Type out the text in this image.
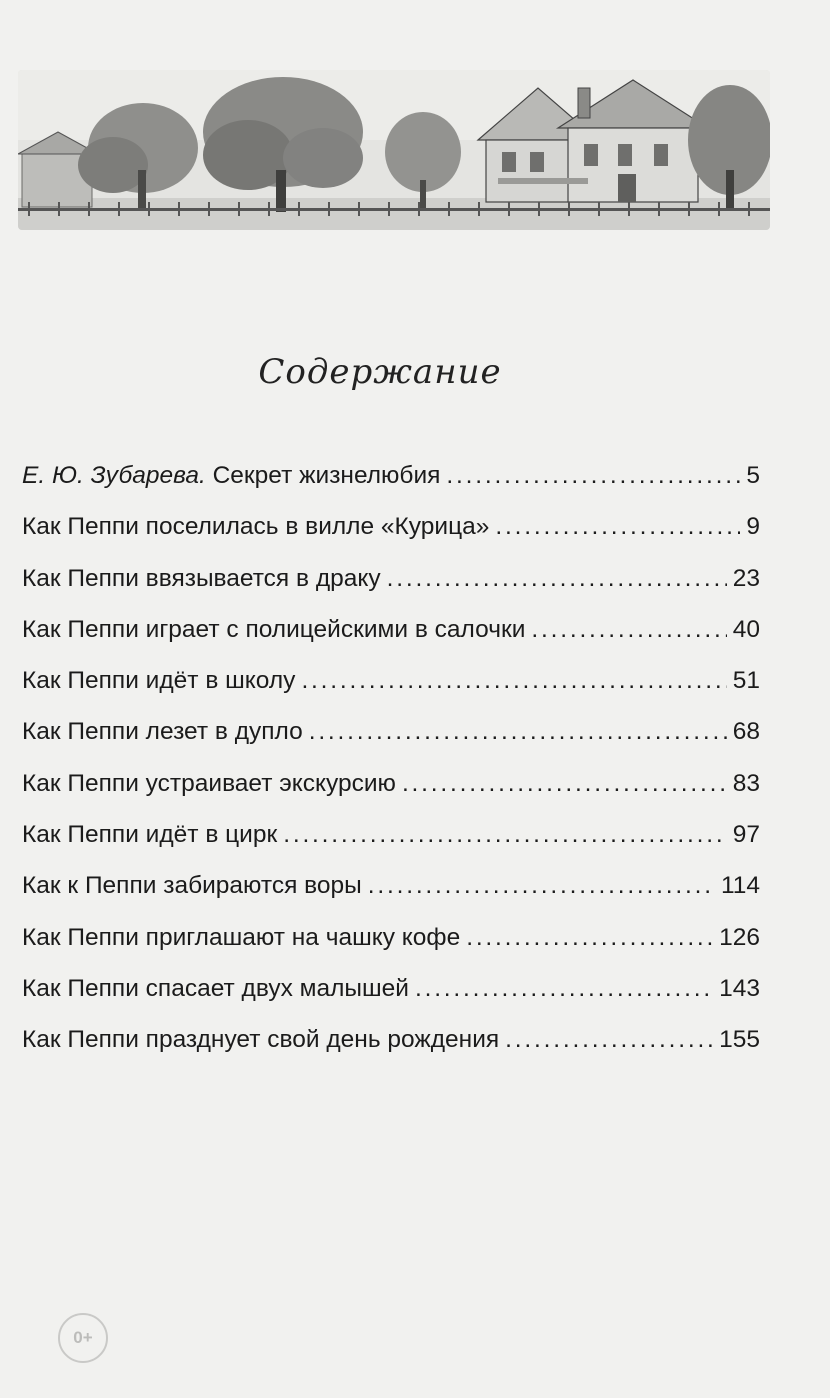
Содержание
Е. Ю. Зубарева. Секрет жизнелюбия . . .	5
Как Пеппи поселилась в вилле «Курица» . . .	9
Как Пеппи ввязывается в драку . . .	23
Как Пеппи играет с полицейскими в салочки . . .	40
Как Пеппи идёт в школу . . .	51
Как Пеппи лезет в дупло . . .	68
Как Пеппи устраивает экскурсию . . .	83
Как Пеппи идёт в цирк . . .	97
Как к Пеппи забираются воры . . .	114
Как Пеппи приглашают на чашку кофе . . .	126
Как Пеппи спасает двух малышей . . .	143
Как Пеппи празднует свой день рождения . . .	155
0+
